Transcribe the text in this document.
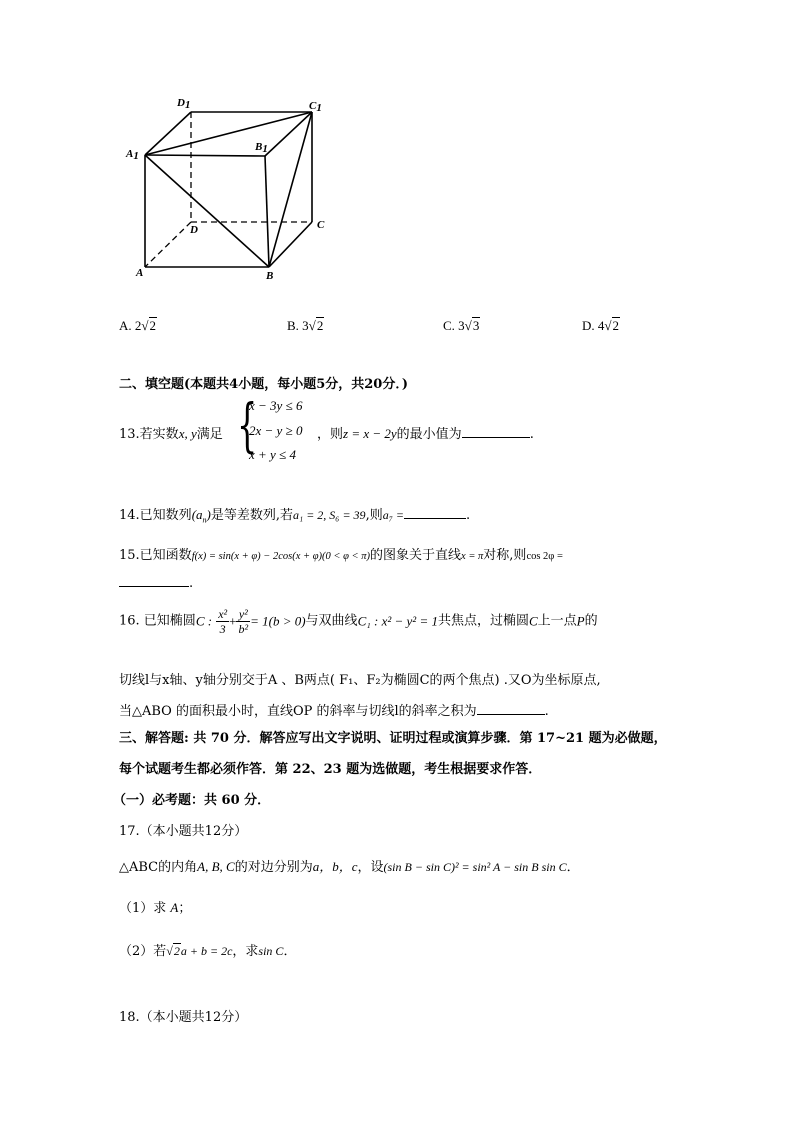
D1	C1
A1
B1
D	C
A	B
A. 2√2	B. 3√2	C. 3√3	D. 4√2
二、填空题(本题共4小题，每小题5分，共20分．)
13.若实数x, y满足 {
x − 3y ≤ 6
2x − y ≥ 0
x + y ≤ 4
，则z = x − 2y的最小值为	.
14.已知数列$(a_n)$是等差数列,若a₁ = 2, S₆ = 39,则a₇ =	.
15.已知函数f(x) = sin(x + φ) − 2cos(x + φ)(0 < φ < π)的图象关于直线x = π对称,则cos 2φ =
.
16. 已知椭圆C : $\frac{\text{x²}}{3} + \frac{\text{y²}}{\text{b²}} = 1(b > 0)$与双曲线C₁ : x² − y² = 1共焦点，过椭圆C上一点P的
切线l与x轴、y轴分别交于A 、B两点( F₁、F₂为椭圆C的两个焦点) .又O为坐标原点,
当△ABO 的面积最小时，直线OP 的斜率与切线l的斜率之积为	.
三、解答题: 共 70 分．解答应写出文字说明、证明过程或演算步骤．第 17~21 题为必做题，
每个试题考生都必须作答．第 22、23 题为选做题，考生根据要求作答．
（一）必考题：共 60 分．
17.（本小题共12分）
△ABC的内角A, B, C的对边分别为a，b，c，设(sin B − sin C)² = sin² A − sin B sin C．
（1）求 A；
（2）若√2a + b = 2c，求sin C．
18.（本小题共12分）
